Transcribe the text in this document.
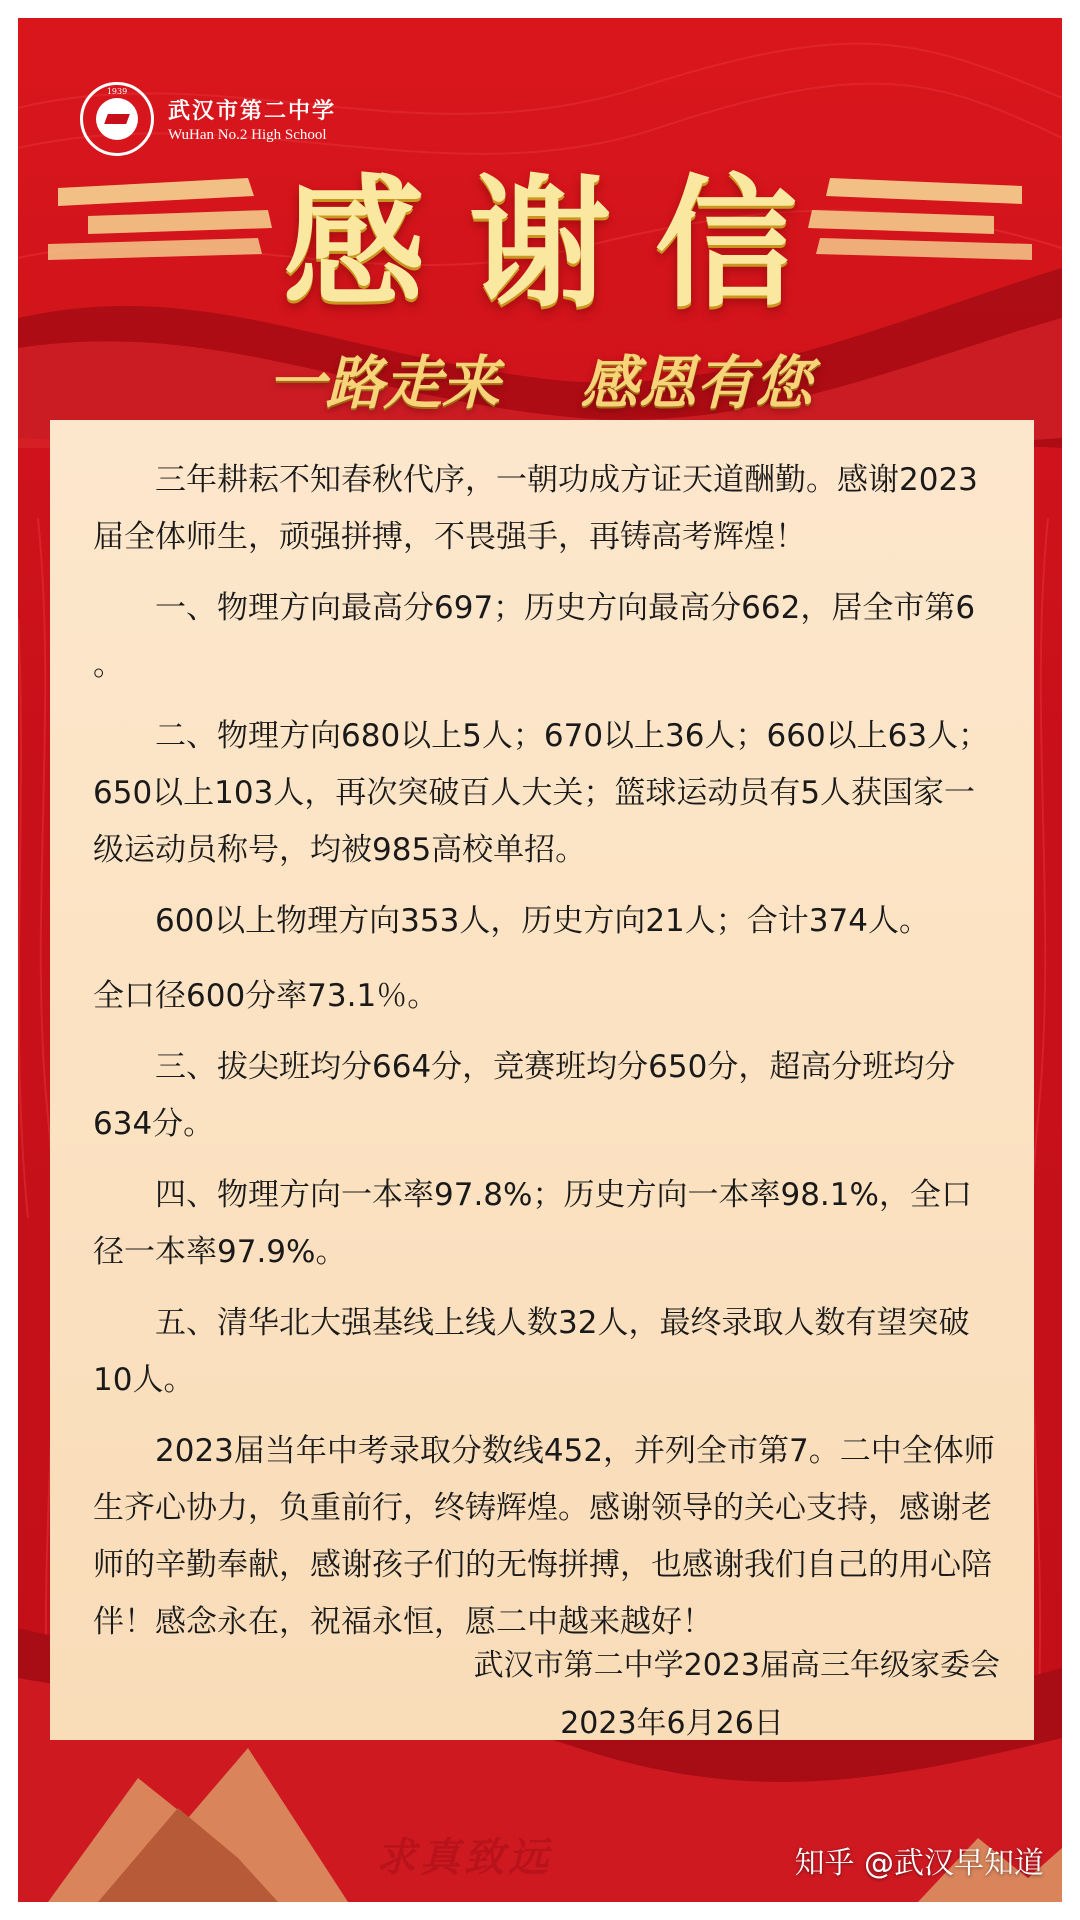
1939
武汉市第二中学
WuHan No.2 High School
感谢信
一路走来    感恩有您

三年耕耘不知春秋代序，一朝功成方证天道酬勤。感谢2023届全体师生，顽强拼搏，不畏强手，再铸高考辉煌！

一、物理方向最高分697；历史方向最高分662，居全市第6 。

二、物理方向680以上5人；670以上36人；660以上63人；650以上103人，再次突破百人大关；篮球运动员有5人获国家一级运动员称号，均被985高校单招。

600以上物理方向353人，历史方向21人；合计374人。

全口径600分率73.1％。

三、拔尖班均分664分，竞赛班均分650分，超高分班均分634分。

四、物理方向一本率97.8%；历史方向一本率98.1%，全口径一本率97.9%。

五、清华北大强基线上线人数32人，最终录取人数有望突破10人。

2023届当年中考录取分数线452，并列全市第7。二中全体师生齐心协力，负重前行，终铸辉煌。感谢领导的关心支持，感谢老师的辛勤奉献，感谢孩子们的无悔拼搏，也感谢我们自己的用心陪伴！感念永在，祝福永恒，愿二中越来越好！

武汉市第二中学2023届高三年级家委会
2023年6月26日
求真致远	知乎 @武汉早知道
